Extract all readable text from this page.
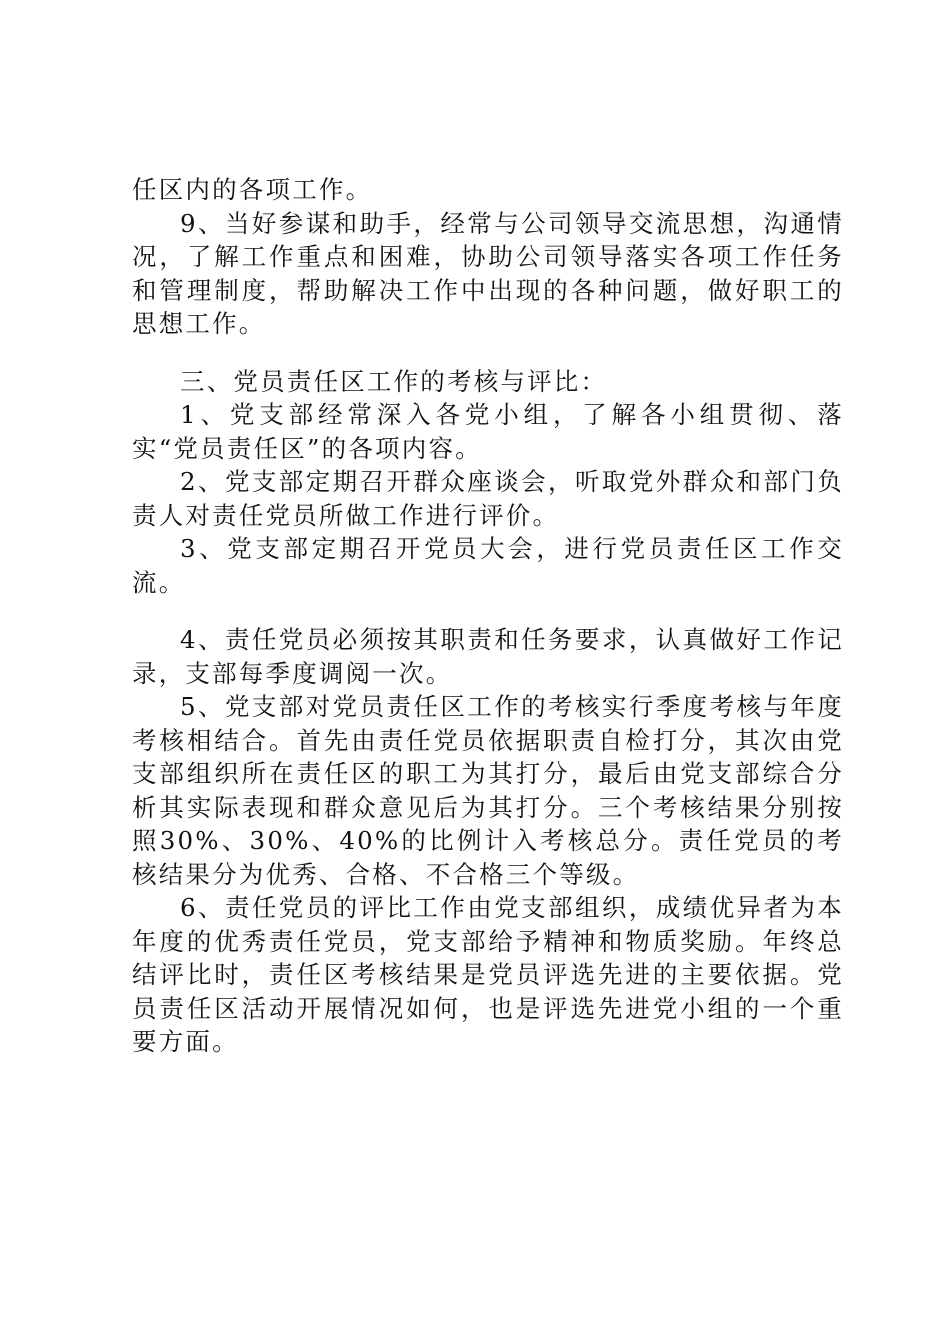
任区内的各项工作。

9、当好参谋和助手，经常与公司领导交流思想，沟通情况，了解工作重点和困难，协助公司领导落实各项工作任务和管理制度，帮助解决工作中出现的各种问题，做好职工的思想工作。

三、党员责任区工作的考核与评比：

1、党支部经常深入各党小组，了解各小组贯彻、落实“党员责任区”的各项内容。

2、党支部定期召开群众座谈会，听取党外群众和部门负责人对责任党员所做工作进行评价。

3、党支部定期召开党员大会，进行党员责任区工作交流。

4、责任党员必须按其职责和任务要求，认真做好工作记录，支部每季度调阅一次。

5、党支部对党员责任区工作的考核实行季度考核与年度考核相结合。首先由责任党员依据职责自检打分，其次由党支部组织所在责任区的职工为其打分，最后由党支部综合分析其实际表现和群众意见后为其打分。三个考核结果分别按照30%、30%、40%的比例计入考核总分。责任党员的考核结果分为优秀、合格、不合格三个等级。

6、责任党员的评比工作由党支部组织，成绩优异者为本年度的优秀责任党员，党支部给予精神和物质奖励。年终总结评比时，责任区考核结果是党员评选先进的主要依据。党员责任区活动开展情况如何，也是评选先进党小组的一个重要方面。
